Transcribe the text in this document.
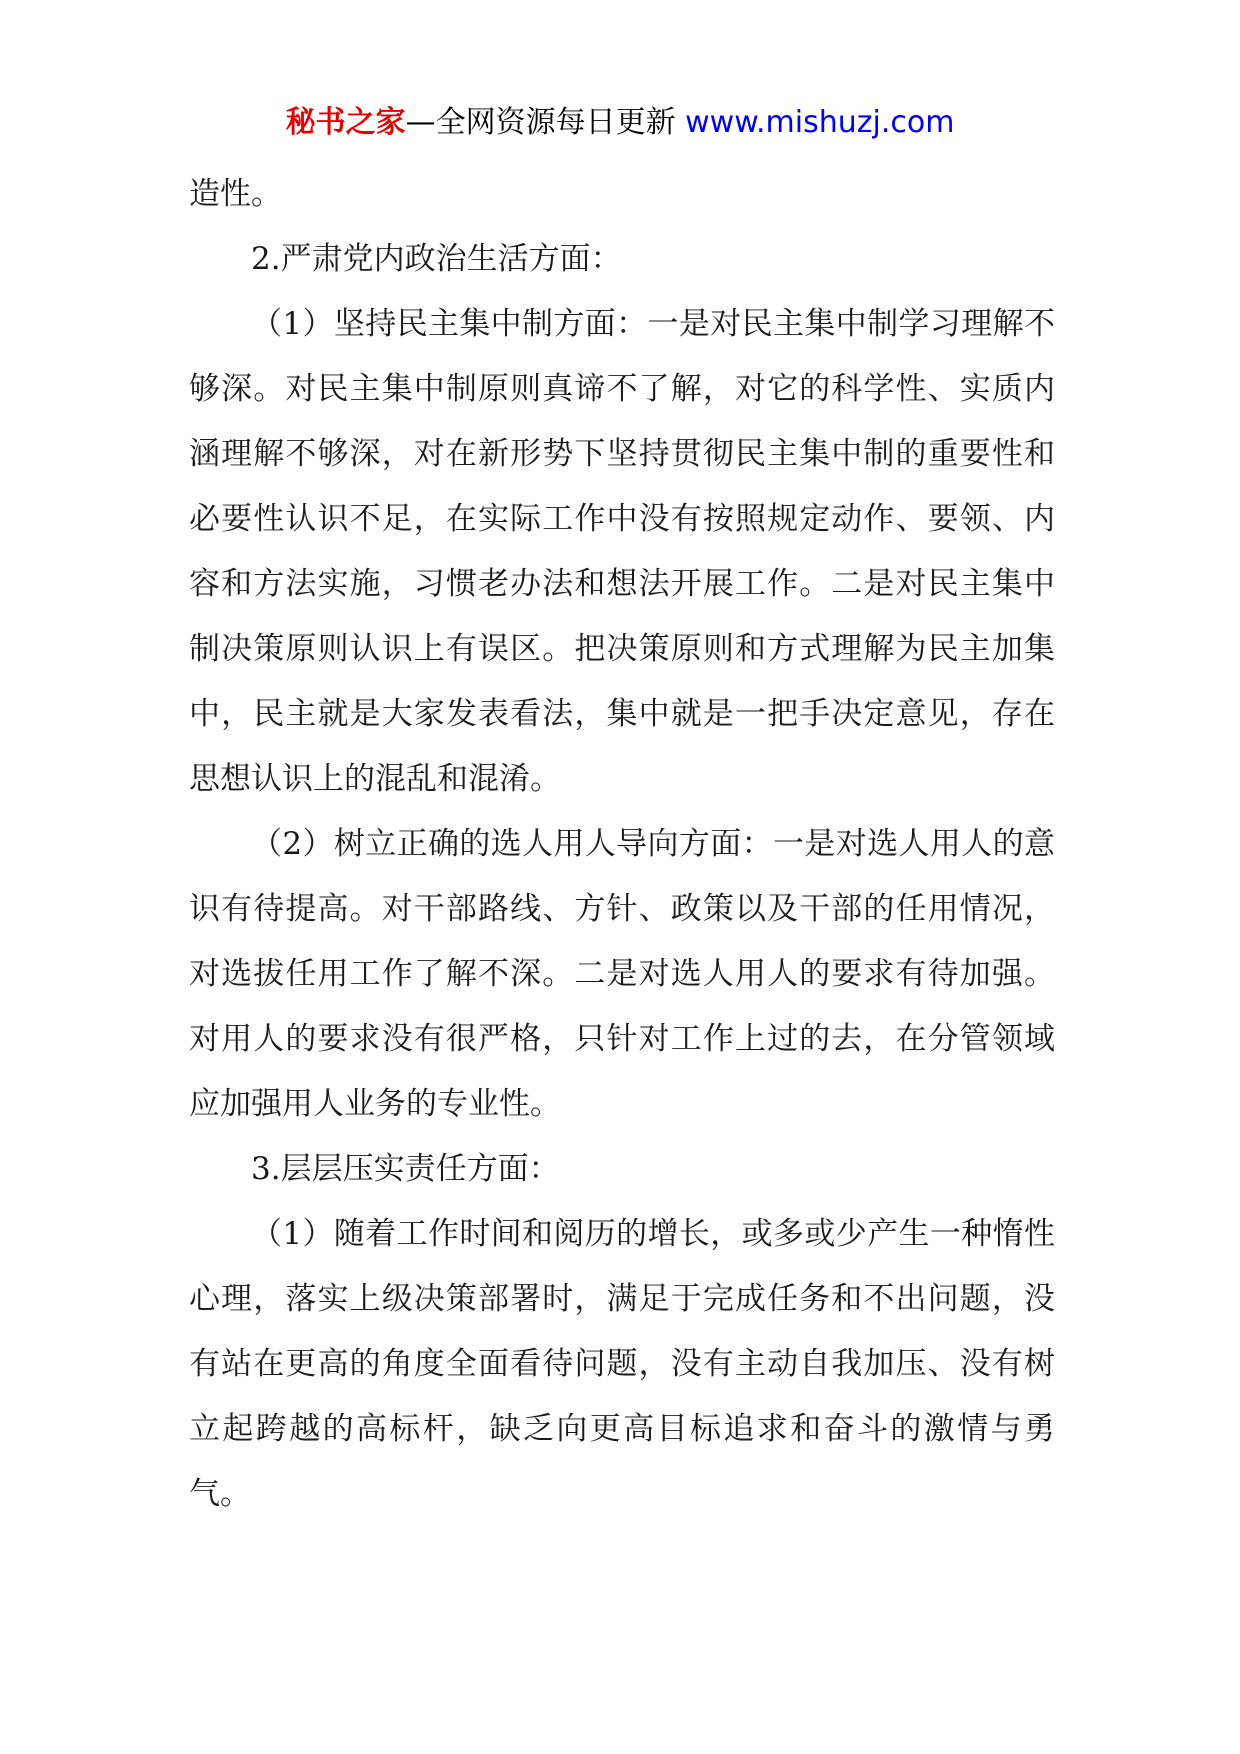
秘书之家—全网资源每日更新 www.mishuzj.com

造性。

2.严肃党内政治生活方面：

（1）坚持民主集中制方面：一是对民主集中制学习理解不够深。对民主集中制原则真谛不了解，对它的科学性、实质内涵理解不够深，对在新形势下坚持贯彻民主集中制的重要性和必要性认识不足，在实际工作中没有按照规定动作、要领、内容和方法实施，习惯老办法和想法开展工作。二是对民主集中制决策原则认识上有误区。把决策原则和方式理解为民主加集中，民主就是大家发表看法，集中就是一把手决定意见，存在思想认识上的混乱和混淆。

（2）树立正确的选人用人导向方面：一是对选人用人的意识有待提高。对干部路线、方针、政策以及干部的任用情况，对选拔任用工作了解不深。二是对选人用人的要求有待加强。对用人的要求没有很严格，只针对工作上过的去，在分管领域应加强用人业务的专业性。

3.层层压实责任方面：

（1）随着工作时间和阅历的增长，或多或少产生一种惰性心理，落实上级决策部署时，满足于完成任务和不出问题，没有站在更高的角度全面看待问题，没有主动自我加压、没有树立起跨越的高标杆，缺乏向更高目标追求和奋斗的激情与勇气。
